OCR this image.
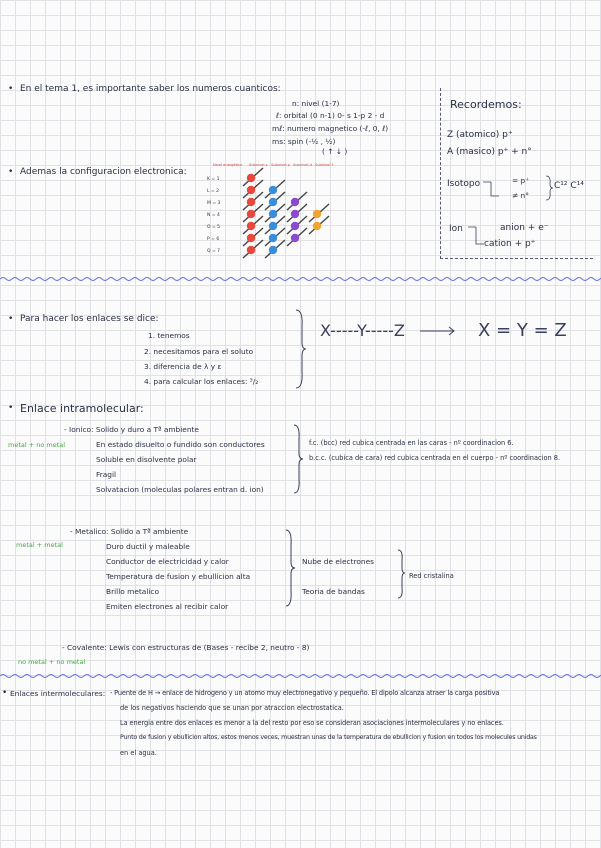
• En el tema 1, es importante saber los numeros cuanticos:
n: nivel (1-7)
ℓ: orbital (0 n-1) 0- s 1-p 2 - d
mℓ: numero magnetico (-ℓ, 0, ℓ)
ms: spin (-½ , ½)
( ↑ ↓ )
• Ademas la configuracion electronica:
Nivel energético Subnivel s Subnivel p Subnivel d Subnivel f
K = 1
L = 2
M = 3
N = 4
O = 5
P = 6
Q = 7
Recordemos:
Z (atomico) p⁺
A (masico) p⁺ + n°
Isotopo	= p⁺
≠ n°
C¹² C¹⁴
Ion	anion + e⁻
cation + p⁺
• Para hacer los enlaces se dice:
1. tenemos
2. necesitamos para el soluto
3. diferencia de λ y ε
4. para calcular los enlaces: ³/₂
X-----Y-----Z	X = Y = Z
• Enlace intramolecular:
metal + no metal
- Ionico: Solido y duro a Tª ambiente
En estado disuelto o fundido son conductores
Soluble en disolvente polar
Fragil
Solvatacion (moleculas polares entran d. ion)
f.c. (bcc) red cubica centrada en las caras - nº coordinacion 6.
b.c.c. (cubica de cara) red cubica centrada en el cuerpo - nº coordinacion 8.
metal + metal
- Metalico: Solido a Tª ambiente
Duro ductil y maleable
Conductor de electricidad y calor
Temperatura de fusion y ebullicion alta
Brillo metalico
Emiten electrones al recibir calor
Nube de electrones
Teoria de bandas
Red cristalina
- Covalente: Lewis con estructuras de (Bases - recibe 2, neutro - 8)
no metal + no metal
• Enlaces intermoleculares: - Puente de H → enlace de hidrogeno y un atomo muy electronegativo y pequeño. El dipolo alcanza atraer la carga positiva
de los negativos haciendo que se unan por atraccion electrostatica.
La energia entre dos enlaces es menor a la del resto por eso se consideran asociaciones intermoleculares y no enlaces.
Punto de fusion y ebullicion altos, estos menos veces, muestran unas de la temperatura de ebullicion y fusion en todos los molecules unidas
en el agua.
